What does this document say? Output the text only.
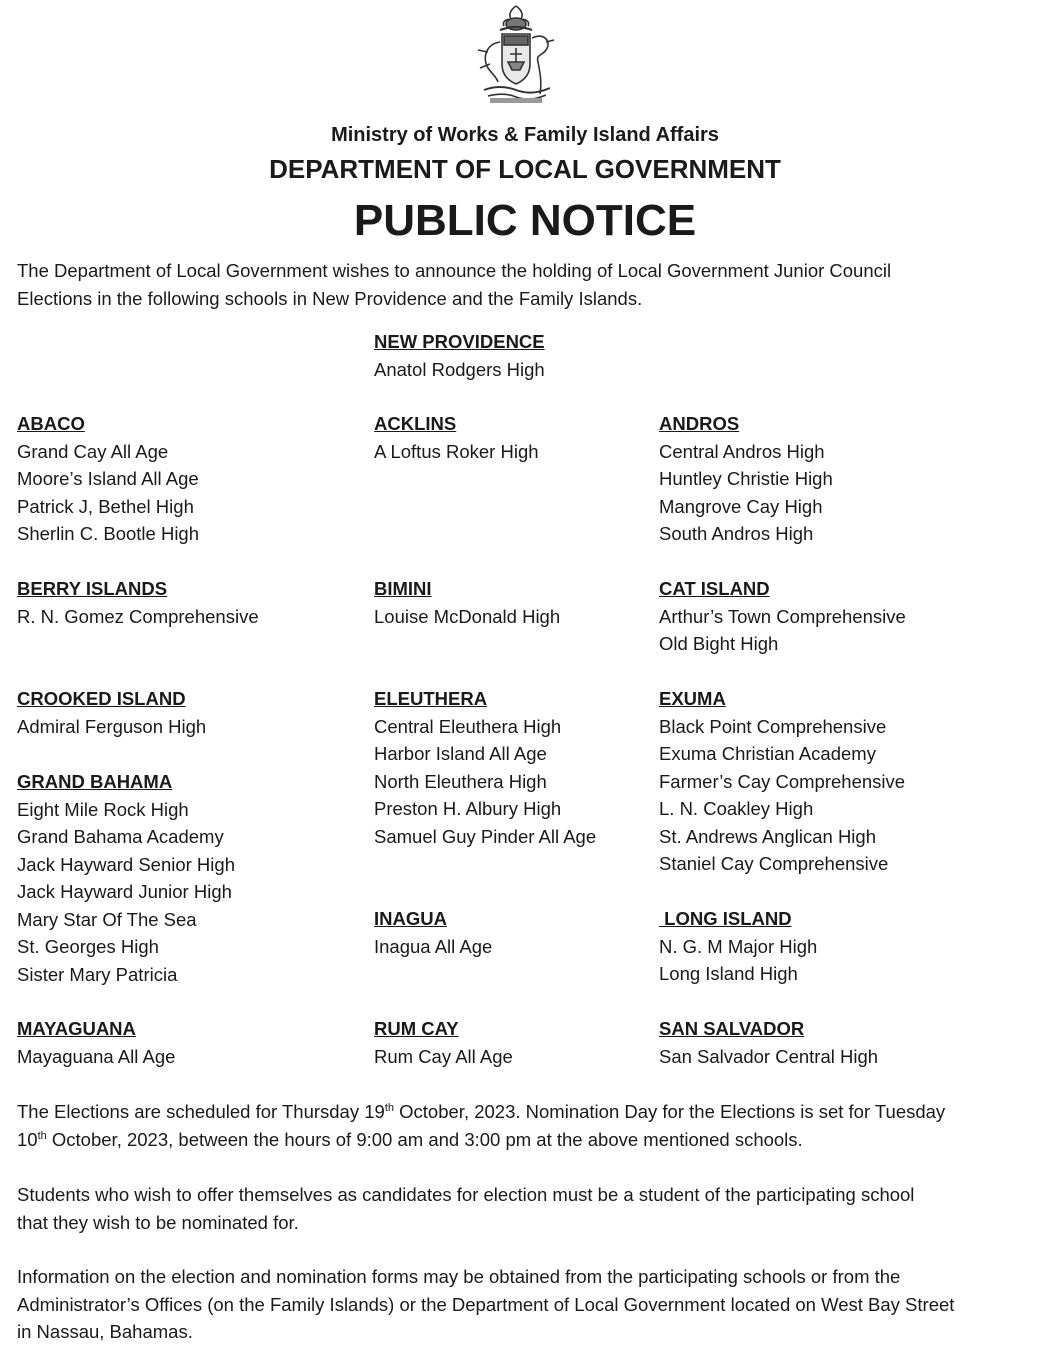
Ministry of Works & Family Island Affairs
DEPARTMENT OF LOCAL GOVERNMENT
PUBLIC NOTICE
The Department of Local Government wishes to announce the holding of Local Government Junior Council
Elections in the following schools in New Providence and the Family Islands.
NEW PROVIDENCE
Anatol Rodgers High
ABACO
Grand Cay All Age
Moore’s Island All Age
Patrick J, Bethel High
Sherlin C. Bootle High
ACKLINS
A Loftus Roker High
ANDROS
Central Andros High
Huntley Christie High
Mangrove Cay High
South Andros High
BERRY ISLANDS
R. N. Gomez Comprehensive
BIMINI
Louise McDonald High
CAT ISLAND
Arthur’s Town Comprehensive
Old Bight High
CROOKED ISLAND
Admiral Ferguson High
ELEUTHERA
Central Eleuthera High
Harbor Island All Age
North Eleuthera High
Preston H. Albury High
Samuel Guy Pinder All Age
EXUMA
Black Point Comprehensive
Exuma Christian Academy
Farmer’s Cay Comprehensive
L. N. Coakley High
St. Andrews Anglican High
Staniel Cay Comprehensive
GRAND BAHAMA
Eight Mile Rock High
Grand Bahama Academy
Jack Hayward Senior High
Jack Hayward Junior High
Mary Star Of The Sea
St. Georges High
Sister Mary Patricia
INAGUA
Inagua All Age
LONG ISLAND
N. G. M Major High
Long Island High
MAYAGUANA
Mayaguana All Age
RUM CAY
Rum Cay All Age
SAN SALVADOR
San Salvador Central High
The Elections are scheduled for Thursday 19th October, 2023. Nomination Day for the Elections is set for Tuesday
10th October, 2023, between the hours of 9:00 am and 3:00 pm at the above mentioned schools.
Students who wish to offer themselves as candidates for election must be a student of the participating school
that they wish to be nominated for.
Information on the election and nomination forms may be obtained from the participating schools or from the
Administrator’s Offices (on the Family Islands) or the Department of Local Government located on West Bay Street
in Nassau, Bahamas.
